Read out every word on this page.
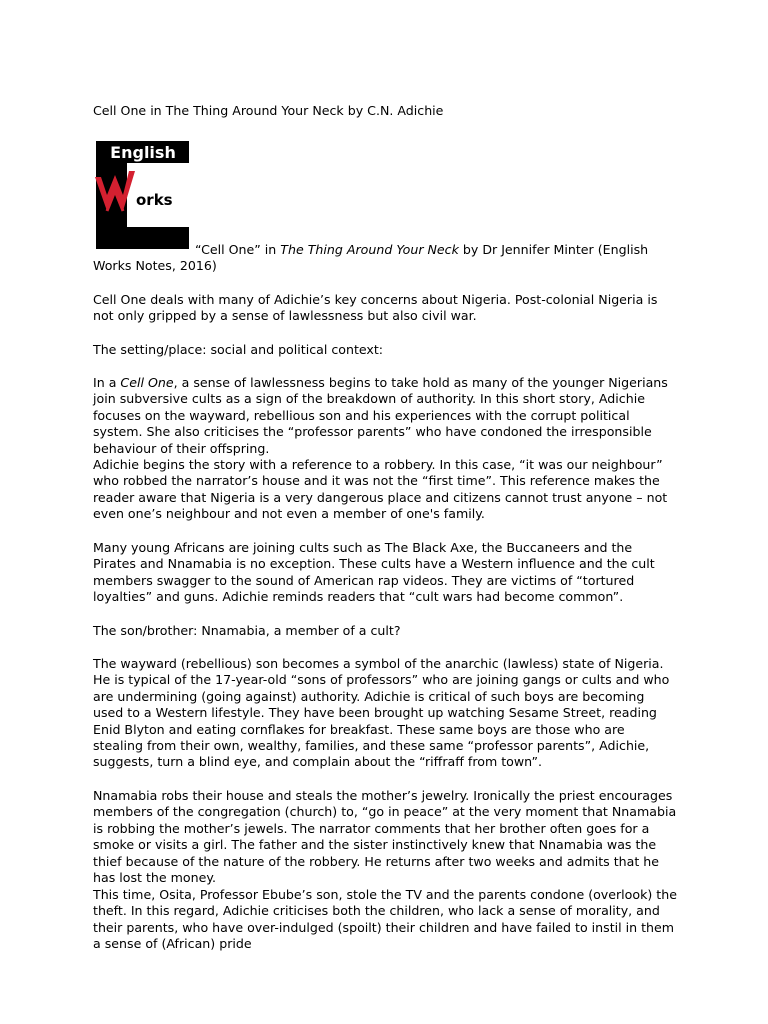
Cell One in The Thing Around Your Neck by C.N. Adichie

English
orks

“Cell One” in The Thing Around Your Neck by Dr Jennifer Minter (English Works Notes, 2016)

Cell One deals with many of Adichie’s key concerns about Nigeria. Post-colonial Nigeria is not only gripped by a sense of lawlessness but also civil war.

The setting/place: social and political context:

In a Cell One, a sense of lawlessness begins to take hold as many of the younger Nigerians join subversive cults as a sign of the breakdown of authority. In this short story, Adichie focuses on the wayward, rebellious son and his experiences with the corrupt political system. She also criticises the “professor parents” who have condoned the irresponsible behaviour of their offspring.

Adichie begins the story with a reference to a robbery. In this case, “it was our neighbour” who robbed the narrator’s house and it was not the “first time”. This reference makes the reader aware that Nigeria is a very dangerous place and citizens cannot trust anyone – not even one’s neighbour and not even a member of one's family.

Many young Africans are joining cults such as The Black Axe, the Buccaneers and the Pirates and Nnamabia is no exception. These cults have a Western influence and the cult members swagger to the sound of American rap videos. They are victims of “tortured loyalties” and guns. Adichie reminds readers that “cult wars had become common”.

The son/brother: Nnamabia, a member of a cult?

The wayward (rebellious) son becomes a symbol of the anarchic (lawless) state of Nigeria. He is typical of the 17-year-old “sons of professors” who are joining gangs or cults and who are undermining (going against) authority. Adichie is critical of such boys are becoming used to a Western lifestyle. They have been brought up watching Sesame Street, reading Enid Blyton and eating cornflakes for breakfast. These same boys are those who are stealing from their own, wealthy, families, and these same “professor parents”, Adichie, suggests, turn a blind eye, and complain about the “riffraff from town”.

Nnamabia robs their house and steals the mother’s jewelry. Ironically the priest encourages members of the congregation (church) to, “go in peace” at the very moment that Nnamabia is robbing the mother’s jewels. The narrator comments that her brother often goes for a smoke or visits a girl. The father and the sister instinctively knew that Nnamabia was the thief because of the nature of the robbery. He returns after two weeks and admits that he has lost the money.

This time, Osita, Professor Ebube’s son, stole the TV and the parents condone (overlook) the theft. In this regard, Adichie criticises both the children, who lack a sense of morality, and their parents, who have over-indulged (spoilt) their children and have failed to instil in them a sense of (African) pride
